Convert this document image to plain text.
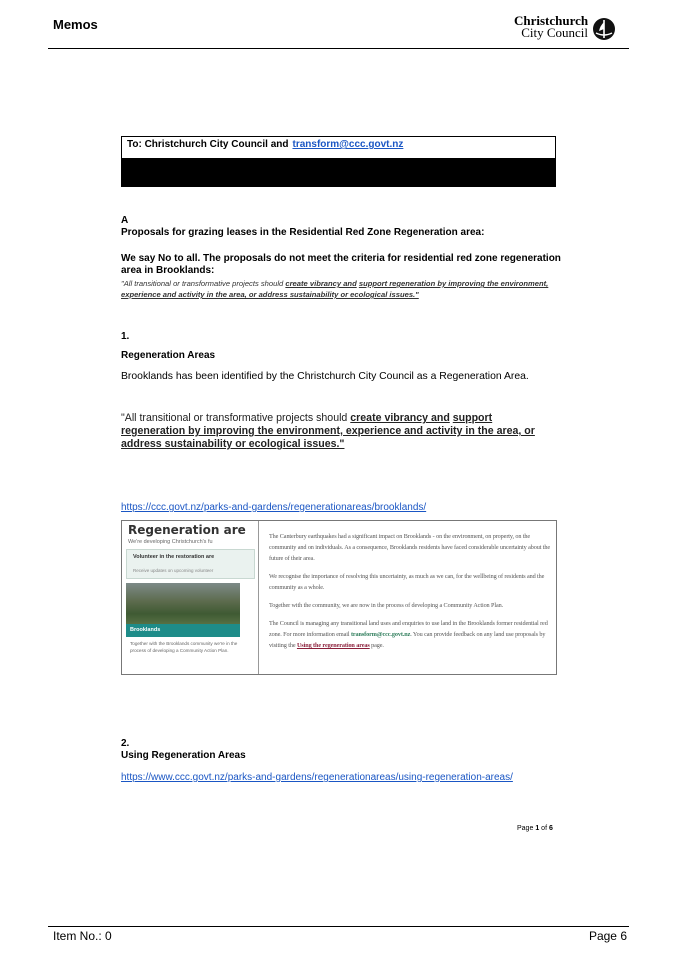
Memos	Christchurch
City Council
To: Christchurch City Council and transform@ccc.govt.nz
A
Proposals for grazing leases in the Residential Red Zone Regeneration area:
We say No to all. The proposals do not meet the criteria for residential red zone regeneration area in Brooklands:
"All transitional or transformative projects should create vibrancy and support regeneration by improving the environment, experience and activity in the area, or address sustainability or ecological issues."
1.
Regeneration Areas
Brooklands has been identified by the Christchurch City Council as a Regeneration Area.
"All transitional or transformative projects should create vibrancy and support regeneration by improving the environment, experience and activity in the area, or address sustainability or ecological issues."
https://ccc.govt.nz/parks-and-gardens/regenerationareas/brooklands/
Regeneration are
We're developing Christchurch's fu
Volunteer in the restoration are
Receive updates on upcoming volunteer
Brooklands
Together with the Brooklands community we're in the process of developing a Community Action Plan.

The Canterbury earthquakes had a significant impact on Brooklands - on the environment, on property, on the community and on individuals. As a consequence, Brooklands residents have faced considerable uncertainty about the future of their area.

We recognise the importance of resolving this uncertainty, as much as we can, for the wellbeing of residents and the community as a whole.

Together with the community, we are now in the process of developing a Community Action Plan.

The Council is managing any transitional land uses and enquiries to use land in the Brooklands former residential red zone. For more information email transform@ccc.govt.nz. You can provide feedback on any land use proposals by visiting the Using the regeneration areas page.

2.
Using Regeneration Areas
https://www.ccc.govt.nz/parks-and-gardens/regenerationareas/using-regeneration-areas/
Page 1 of 6
Item No.: 0	Page 6
